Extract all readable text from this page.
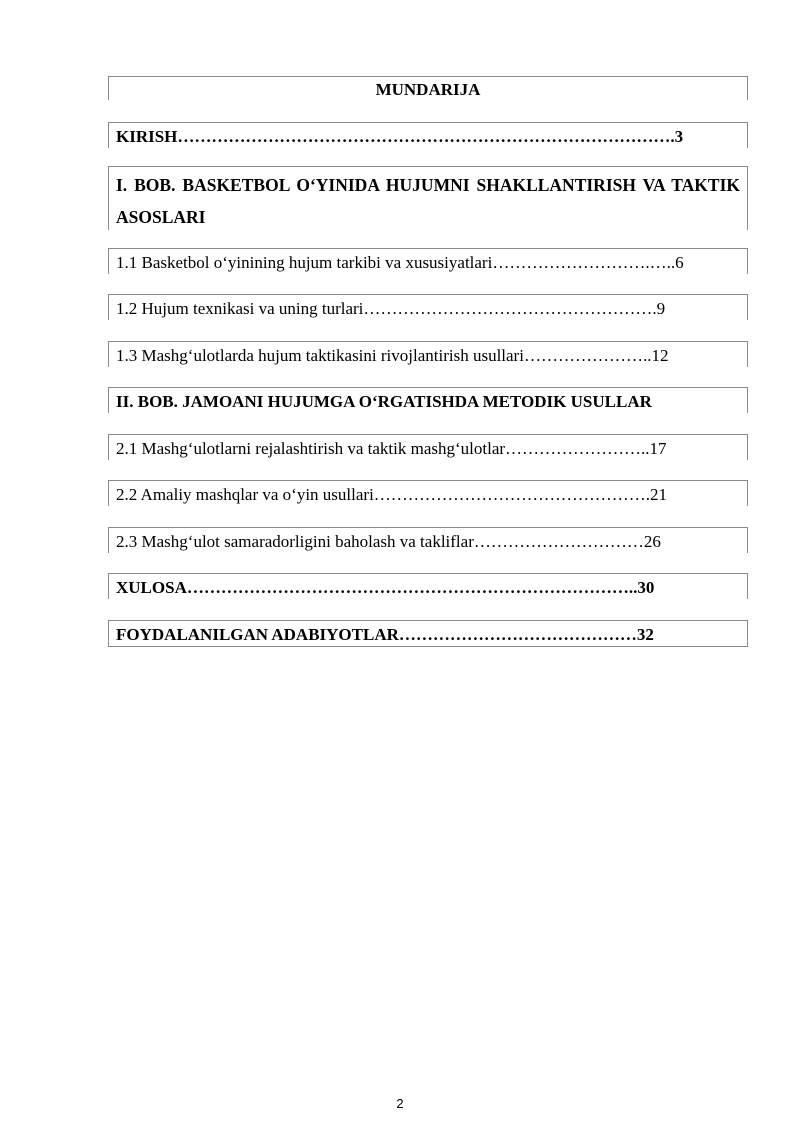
MUNDARIJA
KIRISH…………………………………………………………………………….3
I. BOB. BASKETBOL O‘YINIDA HUJUMNI SHAKLLANTIRISH VA TAKTIK ASOSLARI
1.1 Basketbol o‘yinining hujum tarkibi va xususiyatlari……………………….…..6
1.2 Hujum texnikasi va uning turlari…………………………………………….9
1.3 Mashg‘ulotlarda hujum taktikasini rivojlantirish usullari…………………..12
II. BOB. JAMOANI HUJUMGA O‘RGATISHDA METODIK USULLAR
2.1 Mashg‘ulotlarni rejalashtirish va taktik mashg‘ulotlar……………………..17
2.2 Amaliy mashqlar va o‘yin usullari………………………………………….21
2.3 Mashg‘ulot samaradorligini baholash va takliflar…………………………26
XULOSA……………………………………………………………………..30
FOYDALANILGAN ADABIYOTLAR……………………………………32
2
